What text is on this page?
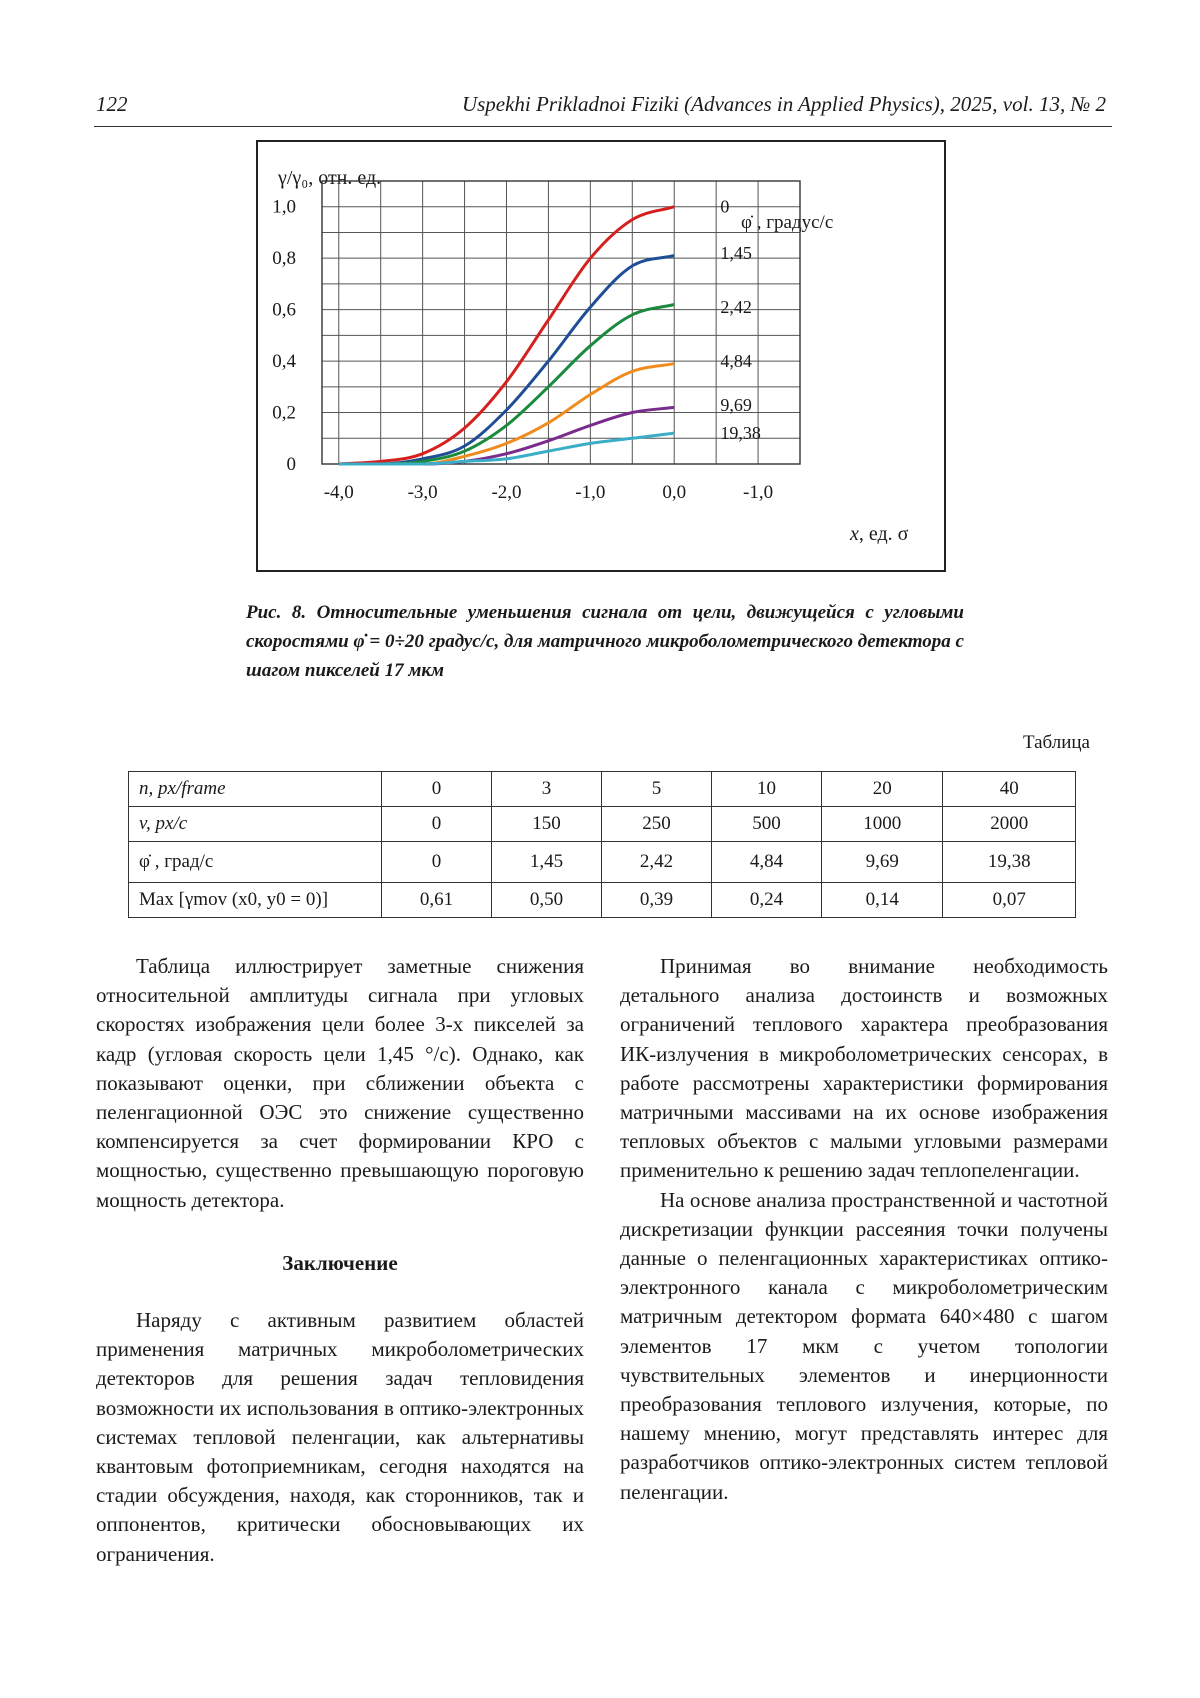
122	Uspekhi Prikladnoi Fiziki (Advances in Applied Physics), 2025, vol. 13, № 2
γ/γ₀, отн. ед.
φ̇ , градус/с
x, ед. σ
-4,0	-3,0	-2,0	-1,0	0,0	-1,0
0
0,2
0,4
0,6
0,8
1,0	0
1,45
2,42
4,84
9,69
19,38
Рис. 8. Относительные уменьшения сигнала от цели, движущейся с угловыми скоростями φ̇ = 0÷20 градус/с, для матричного микроболометрического детектора с шагом пикселей 17 мкм
Таблица
n, px/frame	0	3	5	10	20	40
v, px/c	0	150	250	500	1000	2000
φ̇ , град/с	0	1,45	2,42	4,84	9,69	19,38
Max [γmov (x0, y0 = 0)]	0,61	0,50	0,39	0,24	0,14	0,07

Таблица иллюстрирует заметные снижения относительной амплитуды сигнала при угловых скоростях изображения цели более 3-х пикселей за кадр (угловая скорость цели 1,45 °/с). Однако, как показывают оценки, при сближении объекта с пеленгационной ОЭС это снижение существенно компенсируется за счет формировании КРО с мощностью, существенно превышающую пороговую мощность детектора.

Заключение

Наряду с активным развитием областей применения матричных микроболометрических детекторов для решения задач тепловидения возможности их использования в оптико-электронных системах тепловой пеленгации, как альтернативы квантовым фотоприемникам, сегодня находятся на стадии обсуждения, находя, как сторонников, так и оппонентов, критически обосновывающих их ограничения.

Принимая во внимание необходимость детального анализа достоинств и возможных ограничений теплового характера преобразования ИК-излучения в микроболометрических сенсорах, в работе рассмотрены характеристики формирования матричными массивами на их основе изображения тепловых объектов с малыми угловыми размерами применительно к решению задач теплопеленгации.

На основе анализа пространственной и частотной дискретизации функции рассеяния точки получены данные о пеленгационных характеристиках оптико-электронного канала с микроболометрическим матричным детектором формата 640×480 с шагом элементов 17 мкм с учетом топологии чувствительных элементов и инерционности преобразования теплового излучения, которые, по нашему мнению, могут представлять интерес для разработчиков оптико-электронных систем тепловой пеленгации.
